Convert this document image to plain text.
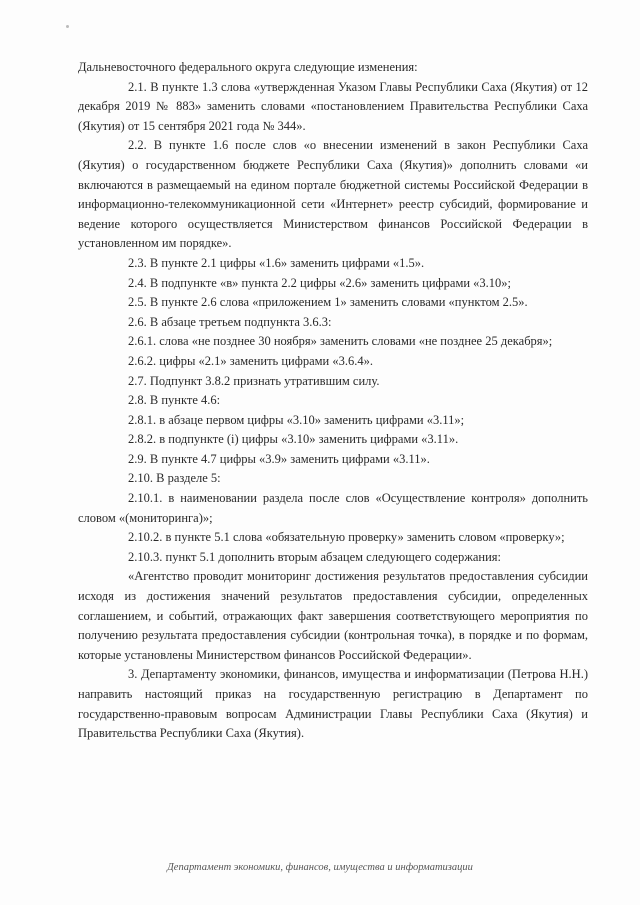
Дальневосточного федерального округа следующие изменения:

2.1. В пункте 1.3 слова «утвержденная Указом Главы Республики Саха (Якутия) от 12 декабря 2019 № 883» заменить словами «постановлением Правительства Республики Саха (Якутия) от 15 сентября 2021 года № 344».

2.2. В пункте 1.6 после слов «о внесении изменений в закон Республики Саха (Якутия) о государственном бюджете Республики Саха (Якутия)» дополнить словами «и включаются в размещаемый на едином портале бюджетной системы Российской Федерации в информационно-телекоммуникационной сети «Интернет» реестр субсидий, формирование и ведение которого осуществляется Министерством финансов Российской Федерации в установленном им порядке».

2.3. В пункте 2.1 цифры «1.6» заменить цифрами «1.5».

2.4. В подпункте «в» пункта 2.2 цифры «2.6» заменить цифрами «3.10»;

2.5. В пункте 2.6 слова «приложением 1» заменить словами «пунктом 2.5».

2.6. В абзаце третьем подпункта 3.6.3:

2.6.1. слова «не позднее 30 ноября» заменить словами «не позднее 25 декабря»;

2.6.2. цифры «2.1» заменить цифрами «3.6.4».

2.7. Подпункт 3.8.2 признать утратившим силу.

2.8. В пункте 4.6:

2.8.1. в абзаце первом цифры «3.10» заменить цифрами «3.11»;

2.8.2. в подпункте (i) цифры «3.10» заменить цифрами «3.11».

2.9. В пункте 4.7 цифры «3.9» заменить цифрами «3.11».

2.10. В разделе 5:

2.10.1. в наименовании раздела после слов «Осуществление контроля» дополнить словом «(мониторинга)»;

2.10.2. в пункте 5.1 слова «обязательную проверку» заменить словом «проверку»;

2.10.3. пункт 5.1 дополнить вторым абзацем следующего содержания:

«Агентство проводит мониторинг достижения результатов предоставления субсидии исходя из достижения значений результатов предоставления субсидии, определенных соглашением, и событий, отражающих факт завершения соответствующего мероприятия по получению результата предоставления субсидии (контрольная точка), в порядке и по формам, которые установлены Министерством финансов Российской Федерации».

3. Департаменту экономики, финансов, имущества и информатизации (Петрова Н.Н.) направить настоящий приказ на государственную регистрацию в Департамент по государственно-правовым вопросам Администрации Главы Республики Саха (Якутия) и Правительства Республики Саха (Якутия).

Департамент экономики, финансов, имущества и информатизации
